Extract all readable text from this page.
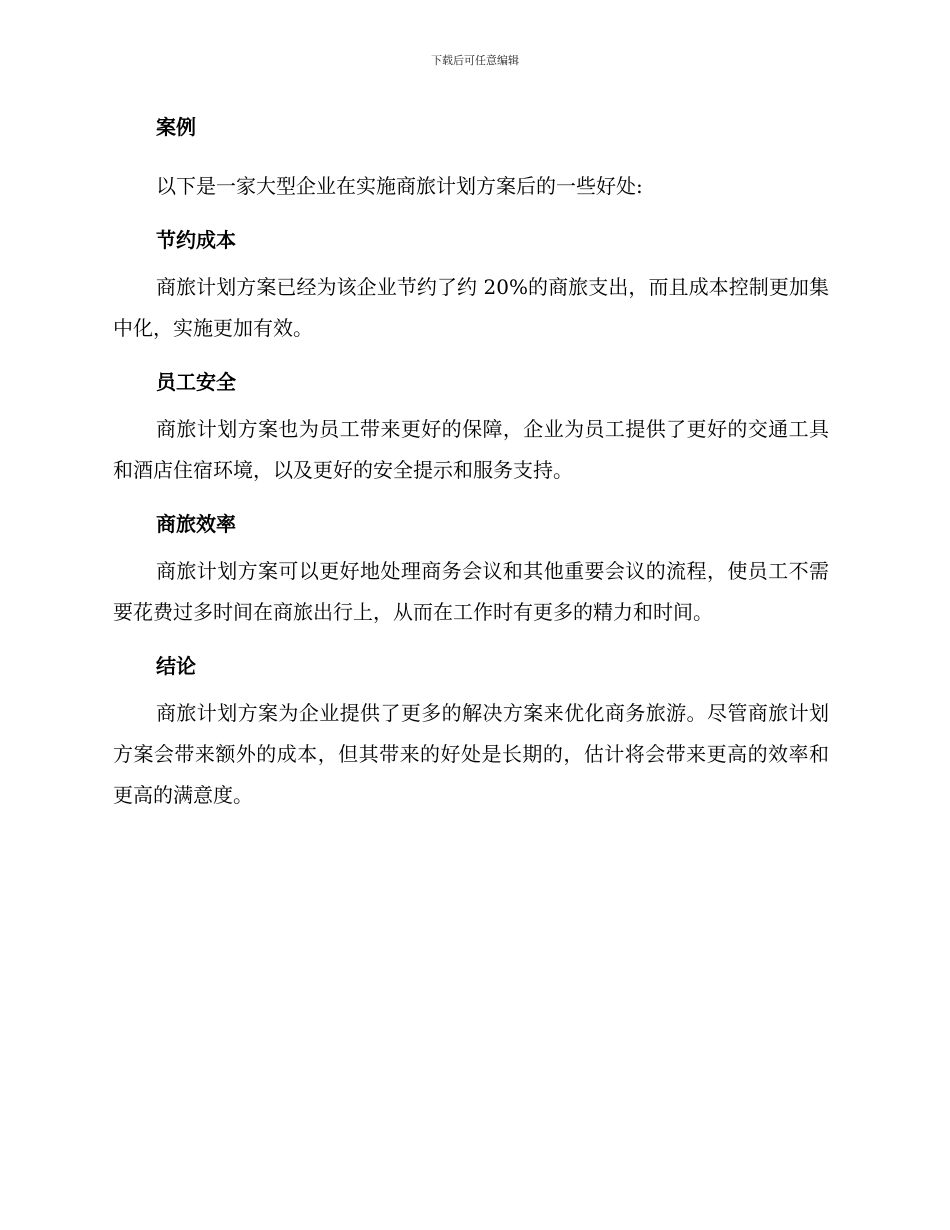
下载后可任意编辑
案例

以下是一家大型企业在实施商旅计划方案后的一些好处:

节约成本

商旅计划方案已经为该企业节约了约 20%的商旅支出，而且成本控制更加集中化，实施更加有效。

员工安全

商旅计划方案也为员工带来更好的保障，企业为员工提供了更好的交通工具和酒店住宿环境，以及更好的安全提示和服务支持。

商旅效率

商旅计划方案可以更好地处理商务会议和其他重要会议的流程，使员工不需要花费过多时间在商旅出行上，从而在工作时有更多的精力和时间。

结论

商旅计划方案为企业提供了更多的解决方案来优化商务旅游。尽管商旅计划方案会带来额外的成本，但其带来的好处是长期的，估计将会带来更高的效率和更高的满意度。
